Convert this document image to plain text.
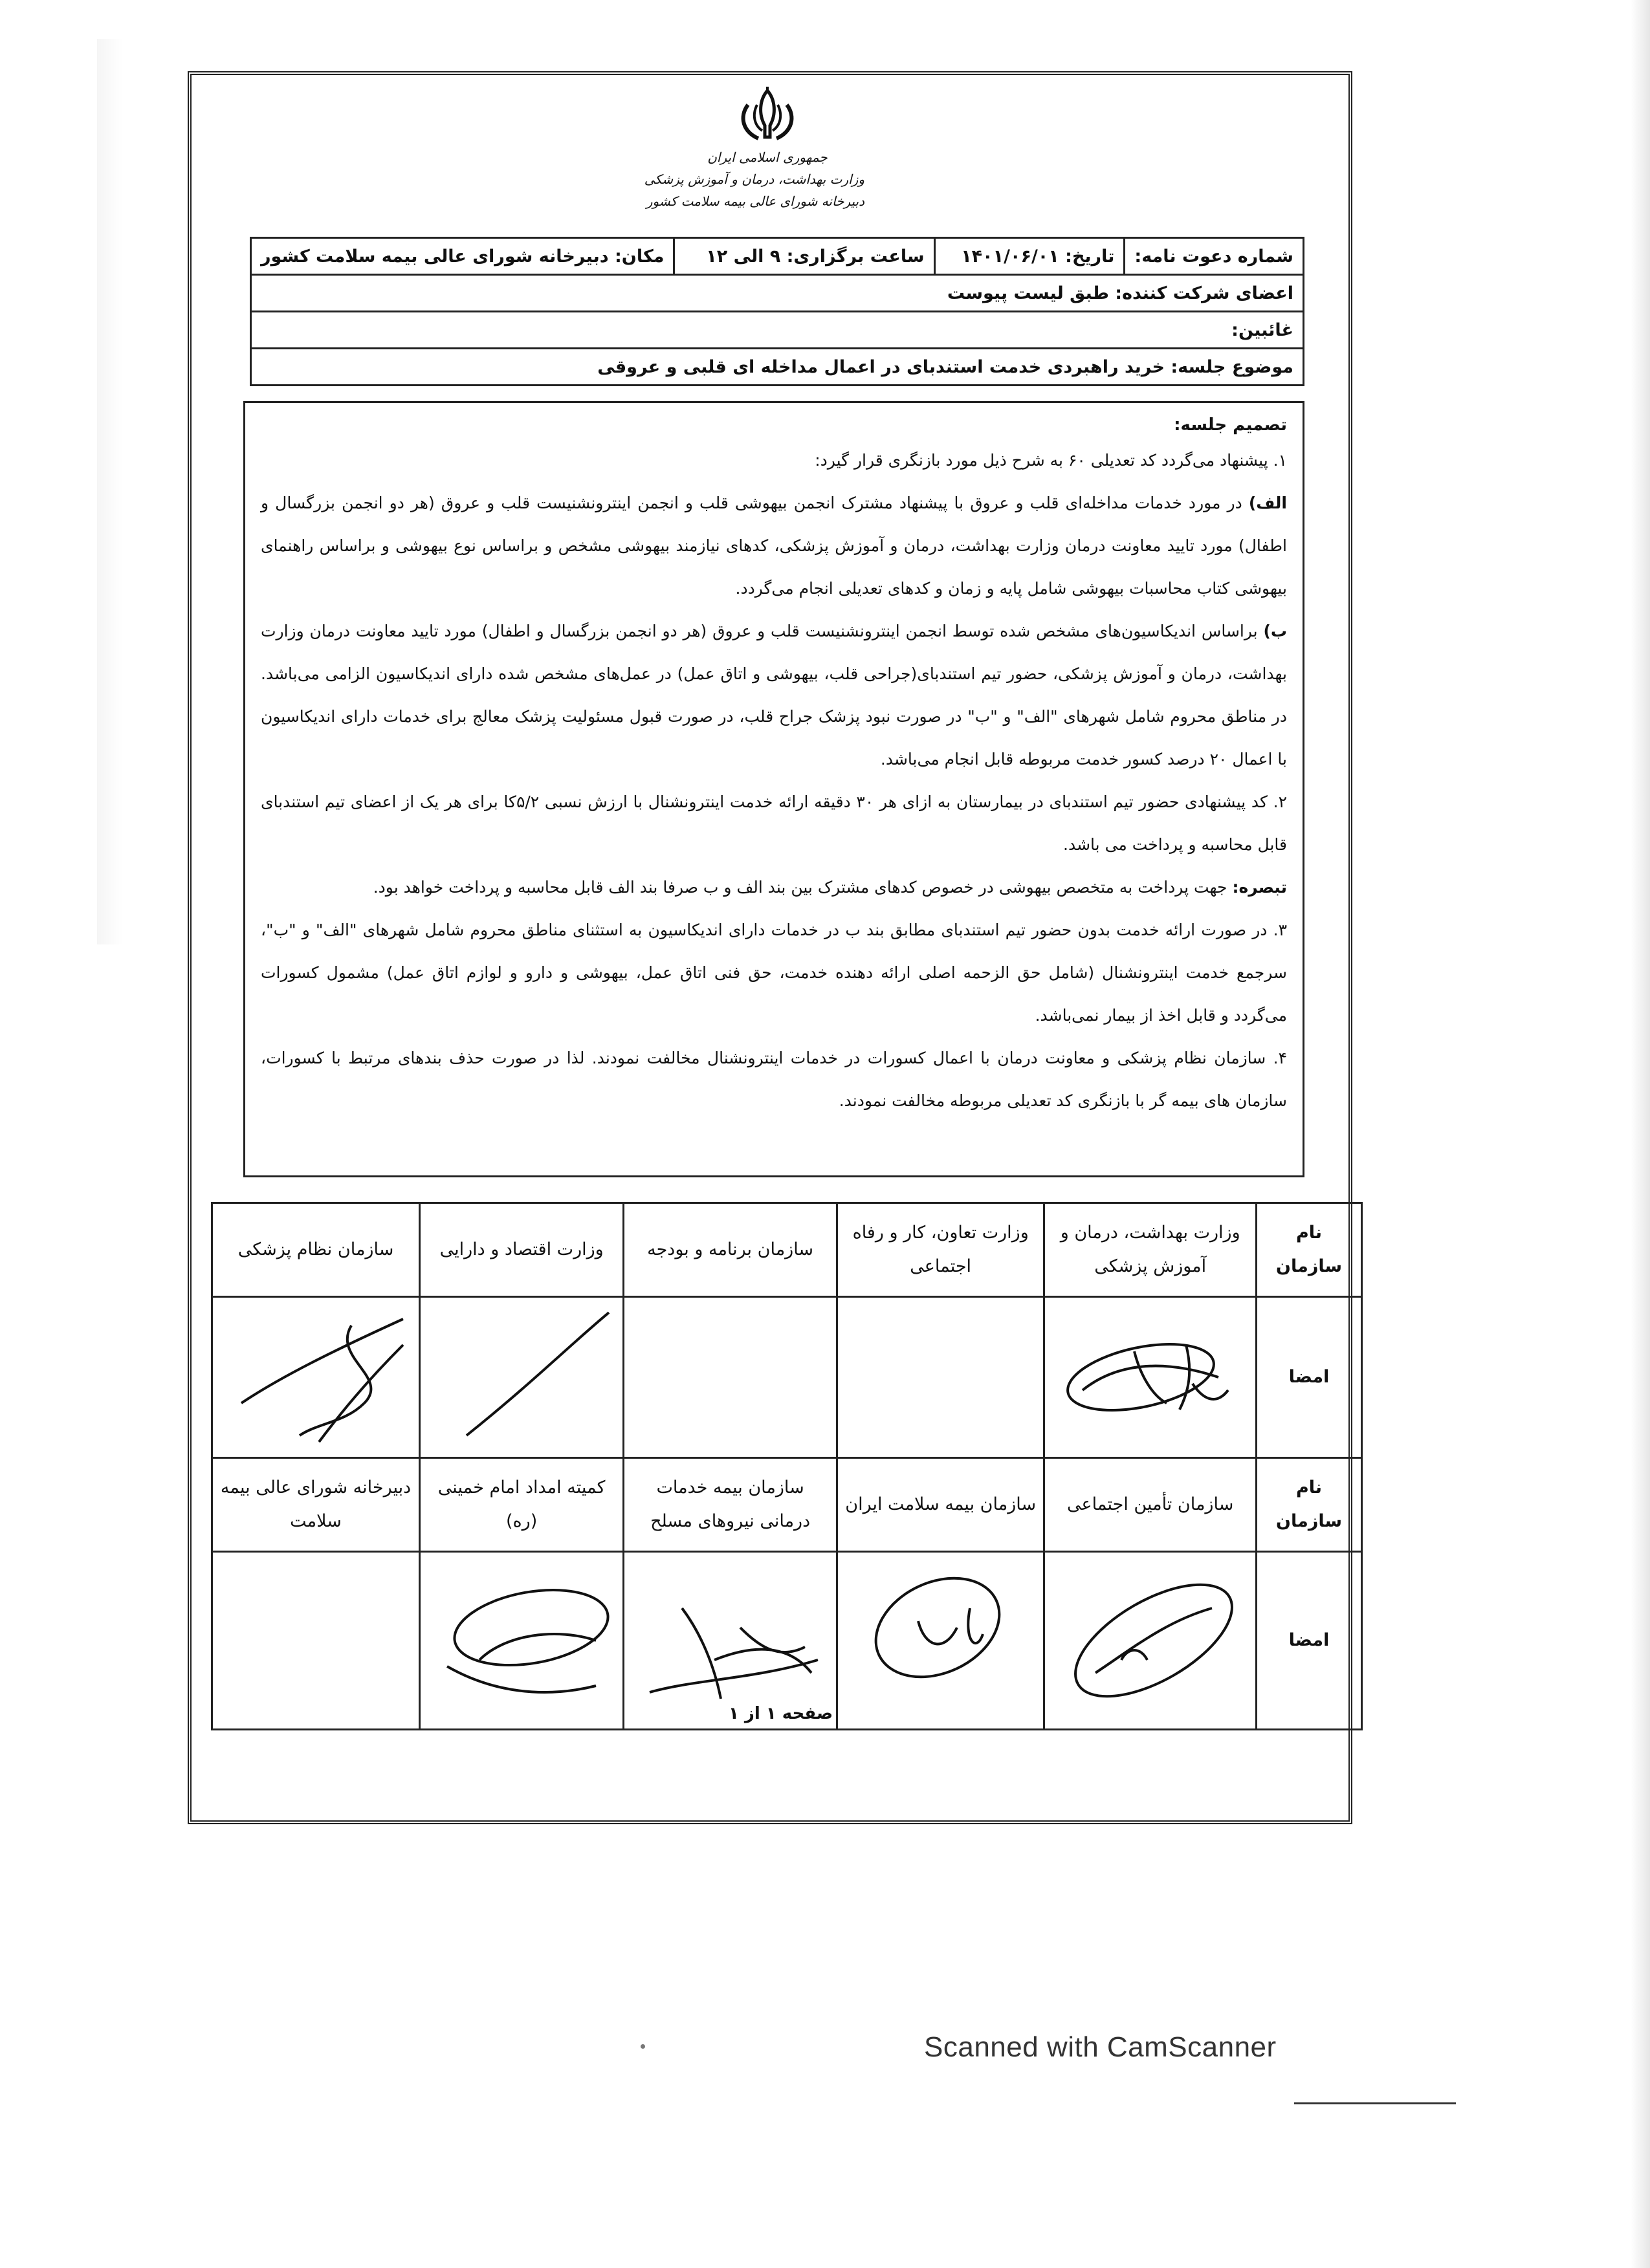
جمهوری اسلامی ایران
وزارت بهداشت، درمان و آموزش پزشکی
دبیرخانه شورای عالی بیمه سلامت کشور
شماره دعوت نامه:	تاریخ: ۱۴۰۱/۰۶/۰۱	ساعت برگزاری: ۹ الی ۱۲	مکان: دبیرخانه شورای عالی بیمه سلامت کشور
اعضای شرکت کننده: طبق لیست پیوست
غائبین:
موضوع جلسه: خرید راهبردی خدمت استندبای در اعمال مداخله ای قلبی و عروقی
تصمیم جلسه:

۱. پیشنهاد می‌گردد کد تعدیلی ۶۰ به شرح ذیل مورد بازنگری قرار گیرد:

الف) در مورد خدمات مداخله‌ای قلب و عروق با پیشنهاد مشترک انجمن بیهوشی قلب و انجمن اینترونشنیست قلب و عروق (هر دو انجمن بزرگسال و اطفال) مورد تایید معاونت درمان وزارت بهداشت، درمان و آموزش پزشکی، کدهای نیازمند بیهوشی مشخص و براساس نوع بیهوشی و براساس راهنمای بیهوشی کتاب محاسبات بیهوشی شامل پایه و زمان و کدهای تعدیلی انجام می‌گردد.

ب) براساس اندیکاسیون‌های مشخص شده توسط انجمن اینترونشنیست قلب و عروق (هر دو انجمن بزرگسال و اطفال) مورد تایید معاونت درمان وزارت بهداشت، درمان و آموزش پزشکی، حضور تیم استندبای(جراحی قلب، بیهوشی و اتاق عمل) در عمل‌های مشخص شده دارای اندیکاسیون الزامی می‌باشد. در مناطق محروم شامل شهرهای "الف" و "ب" در صورت نبود پزشک جراح قلب، در صورت قبول مسئولیت پزشک معالج برای خدمات دارای اندیکاسیون با اعمال ۲۰ درصد کسور خدمت مربوطه قابل انجام می‌باشد.

۲. کد پیشنهادی حضور تیم استندبای در بیمارستان به ازای هر ۳۰ دقیقه ارائه خدمت اینترونشنال با ارزش نسبی ۵/۲کا برای هر یک از اعضای تیم استندبای قابل محاسبه و پرداخت می باشد.

تبصره: جهت پرداخت به متخصص بیهوشی در خصوص کدهای مشترک بین بند الف و ب صرفا بند الف قابل محاسبه و پرداخت خواهد بود.

۳. در صورت ارائه خدمت بدون حضور تیم استندبای مطابق بند ب در خدمات دارای اندیکاسیون به استثنای مناطق محروم شامل شهرهای "الف" و "ب"، سرجمع خدمت اینترونشنال (شامل حق الزحمه اصلی ارائه دهنده خدمت، حق فنی اتاق عمل، بیهوشی و دارو و لوازم اتاق عمل) مشمول کسورات می‌گردد و قابل اخذ از بیمار نمی‌باشد.

۴. سازمان نظام پزشکی و معاونت درمان با اعمال کسورات در خدمات اینترونشنال مخالفت نمودند. لذا در صورت حذف بندهای مرتبط با کسورات، سازمان های بیمه گر با بازنگری کد تعدیلی مربوطه مخالفت نمودند.

نام سازمان	وزارت بهداشت، درمان و آموزش پزشکی	وزارت تعاون، کار و رفاه اجتماعی	سازمان برنامه و بودجه	وزارت اقتصاد و دارایی	سازمان نظام پزشکی
امضا	

نام سازمان	سازمان تأمین اجتماعی	سازمان بیمه سلامت ایران	سازمان بیمه خدمات درمانی نیروهای مسلح	کمیته امداد امام خمینی (ره)	دبیرخانه شورای عالی بیمه سلامت
امضا	

صفحه ۱ از ۱
Scanned with CamScanner
